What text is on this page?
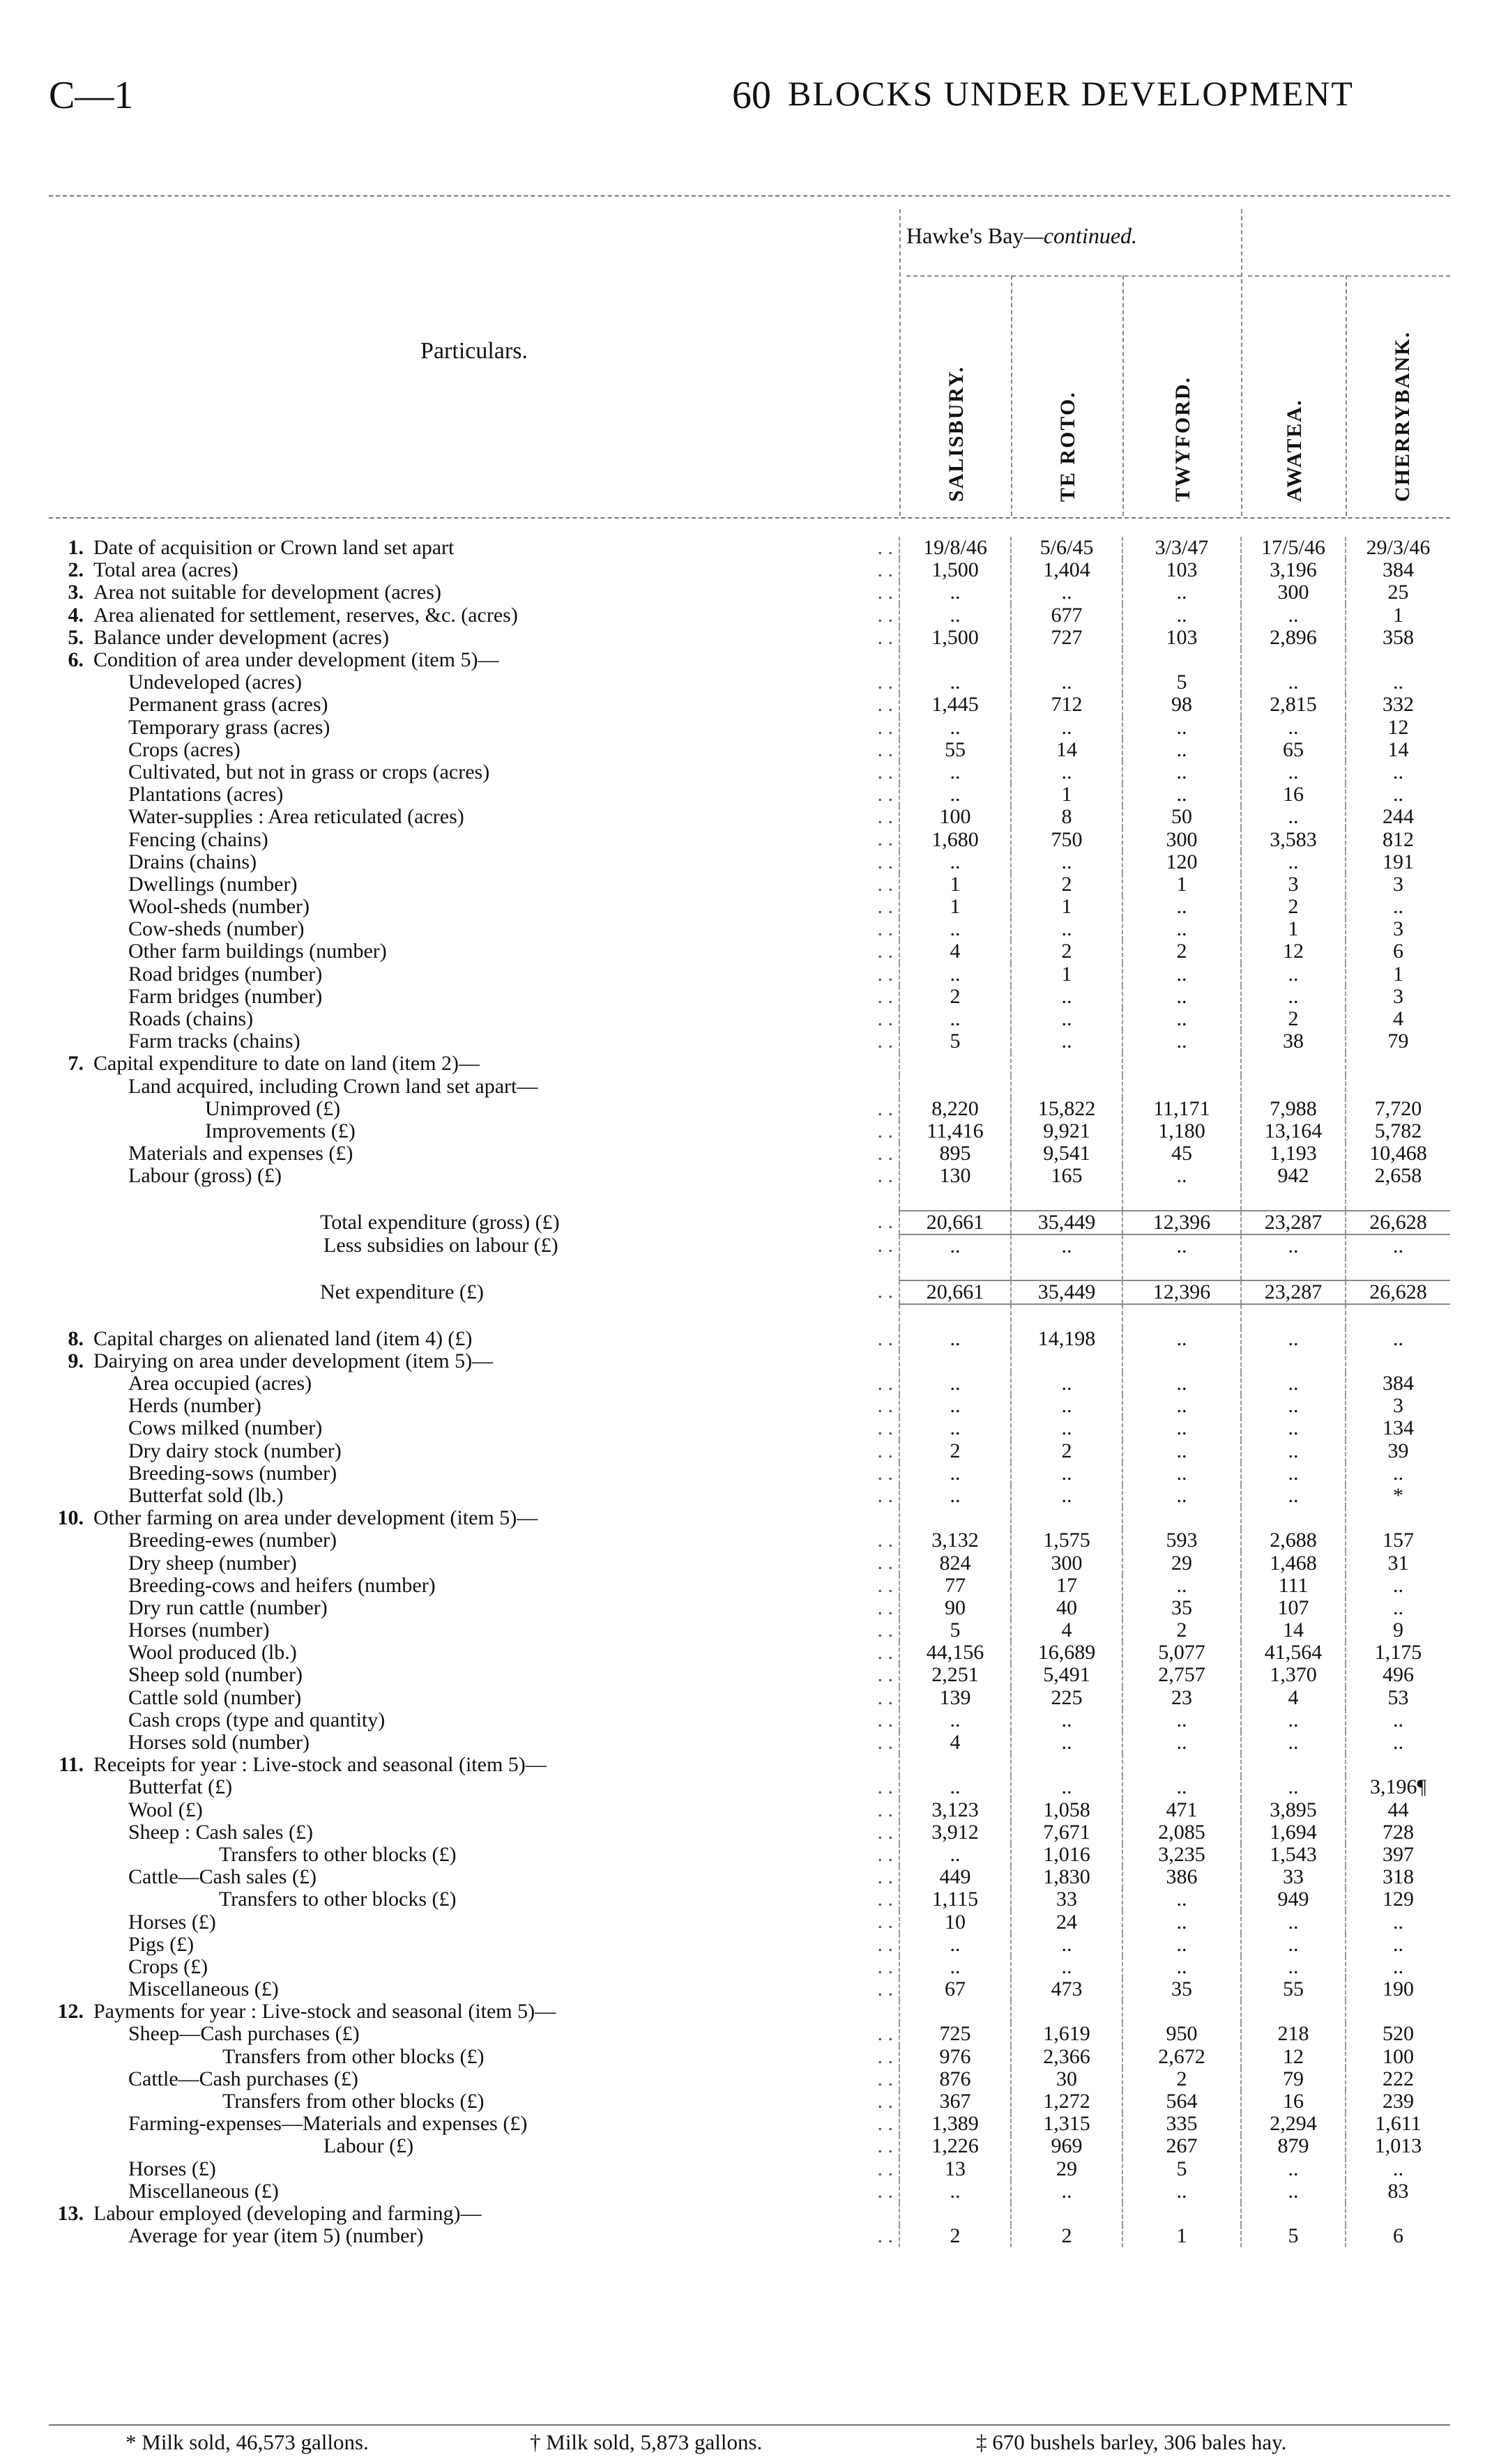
C—1	60 BLOCKS UNDER DEVELOPMENT
Hawke's Bay—continued.
Particulars.
SALISBURY.	TE ROTO.	TWYFORD.	AWATEA.	CHERRYBANK.
1. Date of acquisition or Crown land set apart . .	19/8/46	5/6/45	3/3/47	17/5/46	29/3/46
2. Total area (acres) . .	1,500	1,404	103	3,196	384
3. Area not suitable for development (acres) . .	..	..	..	300	25
4. Area alienated for settlement, reserves, &c. (acres) . .	..	677	..	..	1
5. Balance under development (acres) . .	1,500	727	103	2,896	358
6. Condition of area under development (item 5)—					
Undeveloped (acres) . .	..	..	5	..	..
Permanent grass (acres) . .	1,445	712	98	2,815	332
Temporary grass (acres) . .	..	..	..	..	12
Crops (acres) . .	55	14	..	65	14
Cultivated, but not in grass or crops (acres) . .	..	..	..	..	..
Plantations (acres) . .	..	1	..	16	..
Water-supplies : Area reticulated (acres) . .	100	8	50	..	244
Fencing (chains) . .	1,680	750	300	3,583	812
Drains (chains) . .	..	..	120	..	191
Dwellings (number) . .	1	2	1	3	3
Wool-sheds (number) . .	1	1	..	2	..
Cow-sheds (number) . .	..	..	..	1	3
Other farm buildings (number) . .	4	2	2	12	6
Road bridges (number) . .	..	1	..	..	1
Farm bridges (number) . .	2	..	..	..	3
Roads (chains) . .	..	..	..	2	4
Farm tracks (chains) . .	5	..	..	38	79
7. Capital expenditure to date on land (item 2)—					
Land acquired, including Crown land set apart—					
Unimproved (£) . .	8,220	15,822	11,171	7,988	7,720
Improvements (£) . .	11,416	9,921	1,180	13,164	5,782
Materials and expenses (£) . .	895	9,541	45	1,193	10,468
Labour (gross) (£) . .	130	165	..	942	2,658

Total expenditure (gross) (£) . .	20,661	35,449	12,396	23,287	26,628
Less subsidies on labour (£) . .	..	..	..	..	..

Net expenditure (£) . .	20,661	35,449	12,396	23,287	26,628

8. Capital charges on alienated land (item 4) (£) . .	..	14,198	..	..	..
9. Dairying on area under development (item 5)—					
Area occupied (acres) . .	..	..	..	..	384
Herds (number) . .	..	..	..	..	3
Cows milked (number) . .	..	..	..	..	134
Dry dairy stock (number) . .	2	2	..	..	39
Breeding-sows (number) . .	..	..	..	..	..
Butterfat sold (lb.) . .	..	..	..	..	*
10. Other farming on area under development (item 5)—					
Breeding-ewes (number) . .	3,132	1,575	593	2,688	157
Dry sheep (number) . .	824	300	29	1,468	31
Breeding-cows and heifers (number) . .	77	17	..	111	..
Dry run cattle (number) . .	90	40	35	107	..
Horses (number) . .	5	4	2	14	9
Wool produced (lb.) . .	44,156	16,689	5,077	41,564	1,175
Sheep sold (number) . .	2,251	5,491	2,757	1,370	496
Cattle sold (number) . .	139	225	23	4	53
Cash crops (type and quantity) . .	..	..	..	..	..
Horses sold (number) . .	4	..	..	..	..
11. Receipts for year : Live-stock and seasonal (item 5)—					
Butterfat (£) . .	..	..	..	..	3,196¶
Wool (£) . .	3,123	1,058	471	3,895	44
Sheep : Cash sales (£) . .	3,912	7,671	2,085	1,694	728
Transfers to other blocks (£) . .	..	1,016	3,235	1,543	397
Cattle—Cash sales (£) . .	449	1,830	386	33	318
Transfers to other blocks (£) . .	1,115	33	..	949	129
Horses (£) . .	10	24	..	..	..
Pigs (£) . .	..	..	..	..	..
Crops (£) . .	..	..	..	..	..
Miscellaneous (£) . .	67	473	35	55	190
12. Payments for year : Live-stock and seasonal (item 5)—					
Sheep—Cash purchases (£) . .	725	1,619	950	218	520
Transfers from other blocks (£) . .	976	2,366	2,672	12	100
Cattle—Cash purchases (£) . .	876	30	2	79	222
Transfers from other blocks (£) . .	367	1,272	564	16	239
Farming-expenses—Materials and expenses (£) . .	1,389	1,315	335	2,294	1,611
Labour (£) . .	1,226	969	267	879	1,013
Horses (£) . .	13	29	5	..	..
Miscellaneous (£) . .	..	..	..	..	83
13. Labour employed (developing and farming)—					
Average for year (item 5) (number) . .	2	2	1	5	6
* Milk sold, 46,573 gallons.	† Milk sold, 5,873 gallons.	‡ 670 bushels barley, 306 bales hay.
